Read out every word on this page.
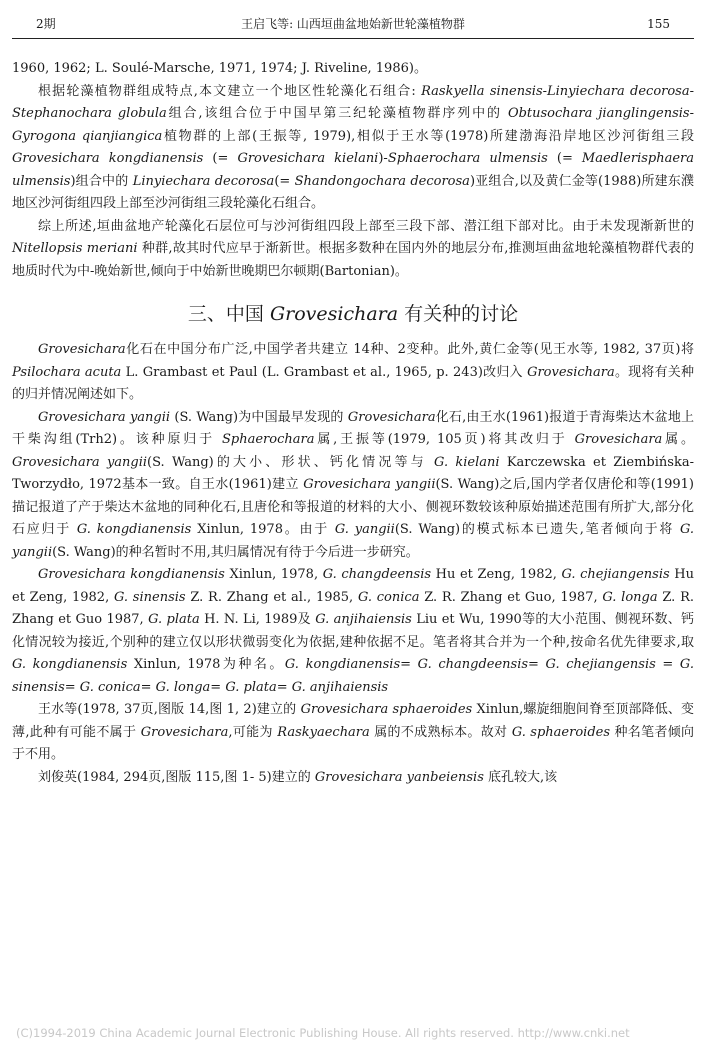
2期	王启飞等: 山西垣曲盆地始新世轮藻植物群	155

1960, 1962; L. Soulé-Marsche, 1971, 1974; J. Riveline, 1986)。

根据轮藻植物群组成特点,本文建立一个地区性轮藻化石组合: Raskyella sinensis-Linyiechara decorosa-Stephanochara globula组合,该组合位于中国早第三纪轮藻植物群序列中的 Obtusochara jianglingensis-Gyrogona qianjiangica植物群的上部(王振等, 1979),相似于王水等(1978)所建渤海沿岸地区沙河街组三段 Grovesichara kongdianensis (= Grovesichara kielani)-Sphaerochara ulmensis (= Maedlerisphaera ulmensis)组合中的 Linyiechara decorosa(= Shandongochara decorosa)亚组合,以及黄仁金等(1988)所建东濮地区沙河街组四段上部至沙河街组三段轮藻化石组合。

综上所述,垣曲盆地产轮藻化石层位可与沙河街组四段上部至三段下部、潜江组下部对比。由于未发现渐新世的 Nitellopsis meriani 种群,故其时代应早于渐新世。根据多数种在国内外的地层分布,推测垣曲盆地轮藻植物群代表的地质时代为中-晚始新世,倾向于中始新世晚期巴尔顿期(Bartonian)。

三、中国 Grovesichara 有关种的讨论

Grovesichara化石在中国分布广泛,中国学者共建立 14种、2变种。此外,黄仁金等(见王水等, 1982, 37页)将 Psilochara acuta L. Grambast et Paul (L. Grambast et al., 1965, p. 243)改归入 Grovesichara。现将有关种的归并情况阐述如下。

Grovesichara yangii (S. Wang)为中国最早发现的 Grovesichara化石,由王水(1961)报道于青海柴达木盆地上干柴沟组(Trh2)。该种原归于 Sphaerochara属,王振等(1979, 105页)将其改归于 Grovesichara属。Grovesichara yangii(S. Wang)的大小、形状、钙化情况等与 G. kielani Karczewska et Ziembińska-Tworzydło, 1972基本一致。自王水(1961)建立 Grovesichara yangii(S. Wang)之后,国内学者仅唐伦和等(1991)描记报道了产于柴达木盆地的同种化石,且唐伦和等报道的材料的大小、侧视环数较该种原始描述范围有所扩大,部分化石应归于 G. kongdianensis Xinlun, 1978。由于 G. yangii(S. Wang)的模式标本已遗失,笔者倾向于将 G. yangii(S. Wang)的种名暂时不用,其归属情况有待于今后进一步研究。

Grovesichara kongdianensis Xinlun, 1978, G. changdeensis Hu et Zeng, 1982, G. chejiangensis Hu et Zeng, 1982, G. sinensis Z. R. Zhang et al., 1985, G. conica Z. R. Zhang et Guo, 1987, G. longa Z. R. Zhang et Guo 1987, G. plata H. N. Li, 1989及 G. anjihaiensis Liu et Wu, 1990等的大小范围、侧视环数、钙化情况较为接近,个别种的建立仅以形状微弱变化为依据,建种依据不足。笔者将其合并为一个种,按命名优先律要求,取 G. kongdianensis Xinlun, 1978为种名。G. kongdianensis= G. changdeensis= G. chejiangensis = G. sinensis= G. conica= G. longa= G. plata= G. anjihaiensis

王水等(1978, 37页,图版 14,图 1, 2)建立的 Grovesichara sphaeroides Xinlun,螺旋细胞间脊至顶部降低、变薄,此种有可能不属于 Grovesichara,可能为 Raskyaechara 属的不成熟标本。故对 G. sphaeroides 种名笔者倾向于不用。

刘俊英(1984, 294页,图版 115,图 1- 5)建立的 Grovesichara yanbeiensis 底孔较大,该

(C)1994-2019 China Academic Journal Electronic Publishing House. All rights reserved. http://www.cnki.net
